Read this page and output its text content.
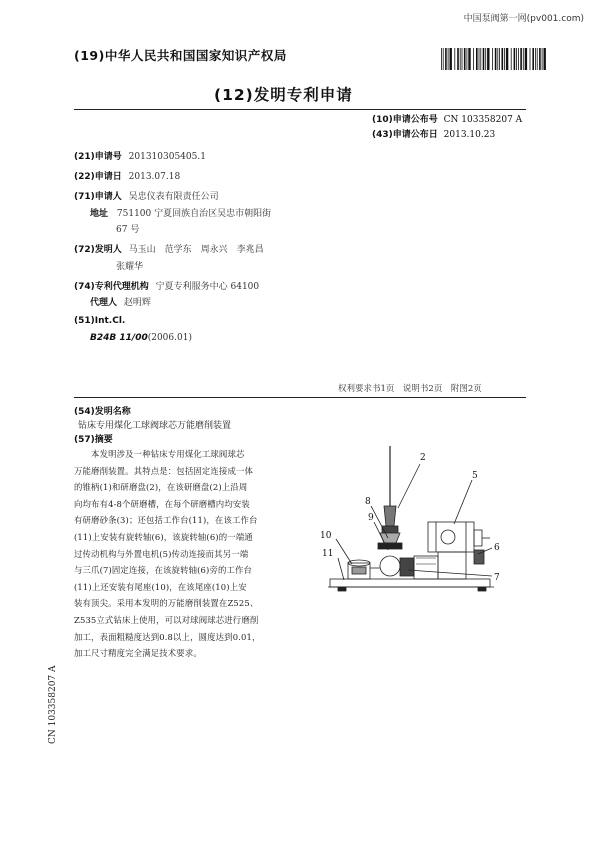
中国泵阀第一网(pv001.com)
(19)中华人民共和国国家知识产权局
(12)发明专利申请
(10)申请公布号 CN 103358207 A
(43)申请公布日 2013.10.23
(21)申请号 201310305405.1
(22)申请日 2013.07.18
(71)申请人 吴忠仪表有限责任公司
地址 751100 宁夏回族自治区吴忠市朝阳街
67 号
(72)发明人 马玉山　范学东　周永兴　李兆昌
张耀华
(74)专利代理机构 宁夏专利服务中心 64100
代理人 赵明辉
(51)Int.Cl.
B24B 11/00(2006.01)
权利要求书1页　说明书2页　附图2页
(54)发明名称
钻床专用煤化工球阀球芯万能磨削装置
(57)摘要

　　本发明涉及一种钻床专用煤化工球阀球芯

万能磨削装置。其特点是：包括固定连接成一体

的锥柄(1)和研磨盘(2)，在该研磨盘(2)上沿周

向均布有4-8个研磨槽，在每个研磨槽内均安装

有研磨砂条(3)；还包括工作台(11)，在该工作台

(11)上安装有旋转轴(6)，该旋转轴(6)的一端通

过传动机构与外置电机(5)传动连接而其另一端

与三爪(7)固定连接，在该旋转轴(6)旁的工作台

(11)上还安装有尾座(10)，在该尾座(10)上安

装有顶尖。采用本发明的万能磨削装置在Z525、

Z535立式钻床上使用，可以对球阀球芯进行磨削

加工，表面粗糙度达到0.8以上，圆度达到0.01，

加工尺寸精度完全满足技术要求。

2
5
8
9
10
11
6
7
CN 103358207 A
